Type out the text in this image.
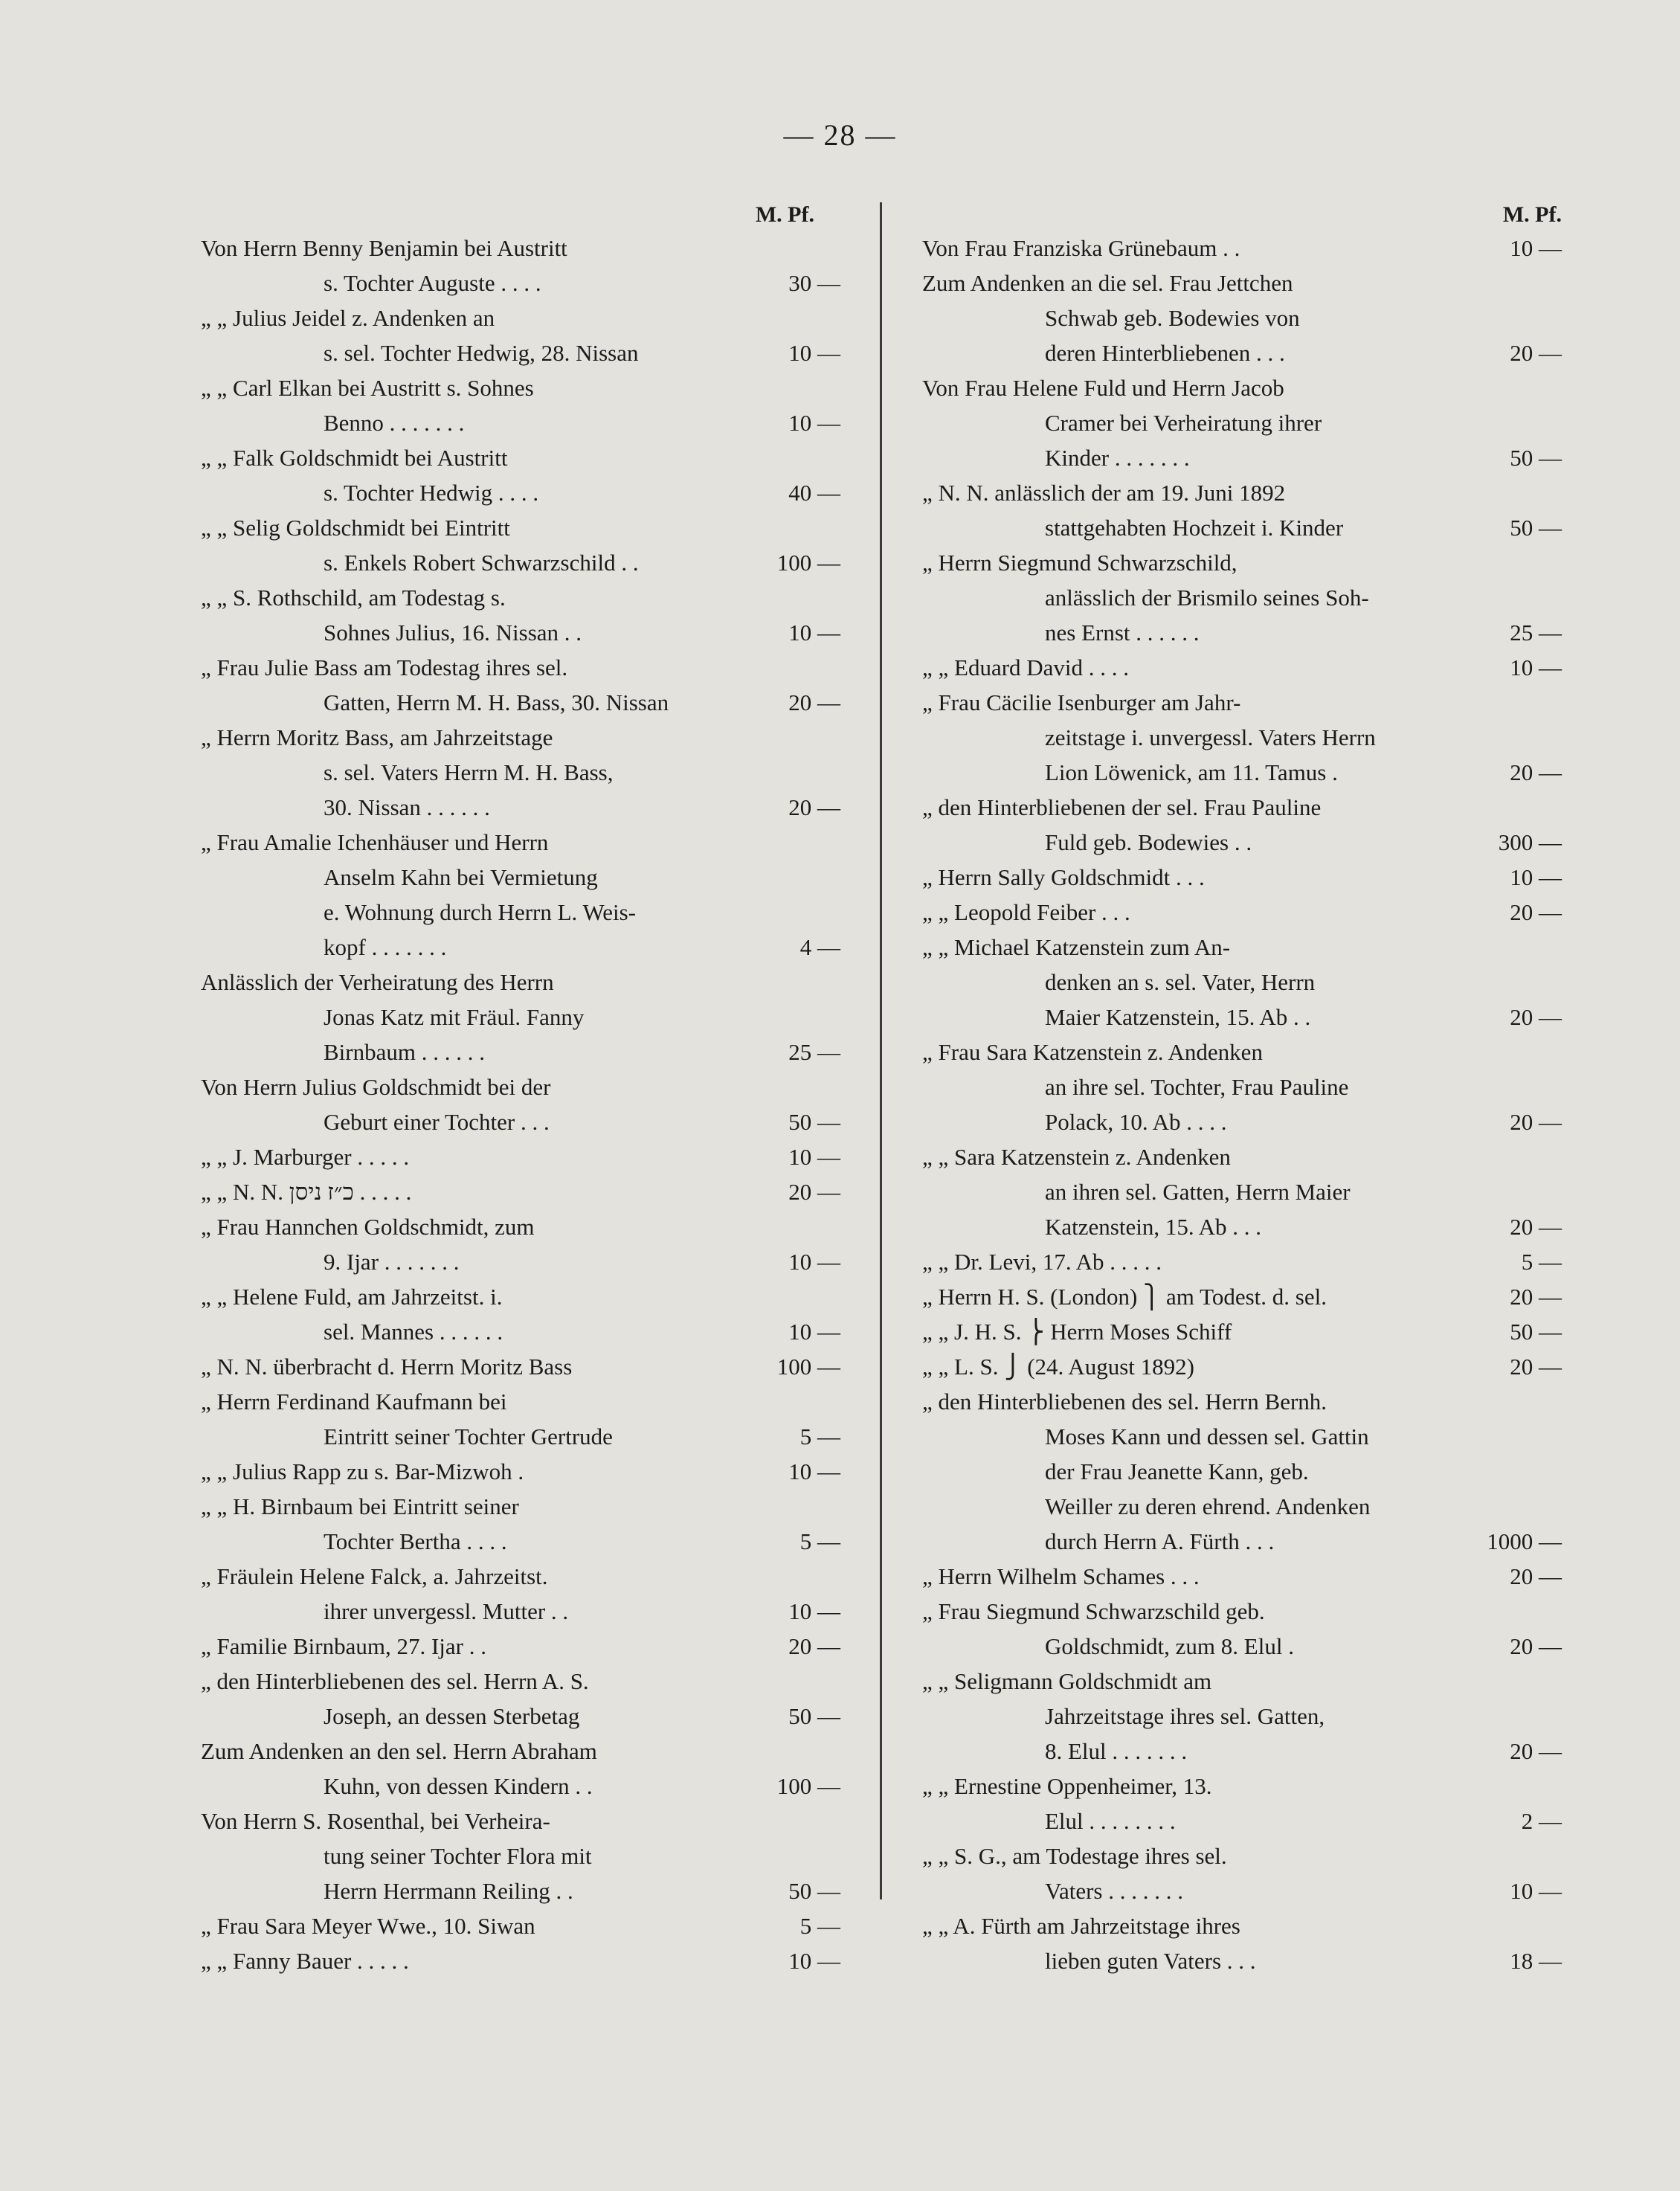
— 28 —
M. Pf.
Von Herrn Benny Benjamin bei Austritt
s. Tochter Auguste . . . .	30 —
„ „ Julius Jeidel z. Andenken an
s. sel. Tochter Hedwig, 28. Nissan	10 —
„ „ Carl Elkan bei Austritt s. Sohnes
Benno . . . . . . .	10 —
„ „ Falk Goldschmidt bei Austritt
s. Tochter Hedwig . . . .	40 —
„ „ Selig Goldschmidt bei Eintritt
s. Enkels Robert Schwarzschild . .	100 —
„ „ S. Rothschild, am Todestag s.
Sohnes Julius, 16. Nissan . .	10 —
„ Frau Julie Bass am Todestag ihres sel.
Gatten, Herrn M. H. Bass, 30. Nissan	20 —
„ Herrn Moritz Bass, am Jahrzeitstage
s. sel. Vaters Herrn M. H. Bass,
30. Nissan . . . . . .	20 —
„ Frau Amalie Ichenhäuser und Herrn
Anselm Kahn bei Vermietung
e. Wohnung durch Herrn L. Weis-
kopf . . . . . . .	4 —
Anlässlich der Verheiratung des Herrn
Jonas Katz mit Fräul. Fanny
Birnbaum . . . . . .	25 —
Von Herrn Julius Goldschmidt bei der
Geburt einer Tochter . . .	50 —
„ „ J. Marburger . . . . .	10 —
„ „ N. N. כ״ז ניסן . . . . .	20 —
„ Frau Hannchen Goldschmidt, zum
9. Ijar . . . . . . .	10 —
„ „ Helene Fuld, am Jahrzeitst. i.
sel. Mannes . . . . . .	10 —
„ N. N. überbracht d. Herrn Moritz Bass	100 —
„ Herrn Ferdinand Kaufmann bei
Eintritt seiner Tochter Gertrude	5 —
„ „ Julius Rapp zu s. Bar-Mizwoh .	10 —
„ „ H. Birnbaum bei Eintritt seiner
Tochter Bertha . . . .	5 —
„ Fräulein Helene Falck, a. Jahrzeitst.
ihrer unvergessl. Mutter . .	10 —
„ Familie Birnbaum, 27. Ijar . .	20 —
„ den Hinterbliebenen des sel. Herrn A. S.
Joseph, an dessen Sterbetag	50 —
Zum Andenken an den sel. Herrn Abraham
Kuhn, von dessen Kindern . .	100 —
Von Herrn S. Rosenthal, bei Verheira-
tung seiner Tochter Flora mit
Herrn Herrmann Reiling . .	50 —
„ Frau Sara Meyer Wwe., 10. Siwan	5 —
„ „ Fanny Bauer . . . . .	10 —
M. Pf.
Von Frau Franziska Grünebaum . .	10 —
Zum Andenken an die sel. Frau Jettchen
Schwab geb. Bodewies von
deren Hinterbliebenen . . .	20 —
Von Frau Helene Fuld und Herrn Jacob
Cramer bei Verheiratung ihrer
Kinder . . . . . . .	50 —
„ N. N. anlässlich der am 19. Juni 1892
stattgehabten Hochzeit i. Kinder	50 —
„ Herrn Siegmund Schwarzschild,
anlässlich der Brismilo seines Soh-
nes Ernst . . . . . .	25 —
„ „ Eduard David . . . .	10 —
„ Frau Cäcilie Isenburger am Jahr-
zeitstage i. unvergessl. Vaters Herrn
Lion Löwenick, am 11. Tamus .	20 —
„ den Hinterbliebenen der sel. Frau Pauline
Fuld geb. Bodewies . .	300 —
„ Herrn Sally Goldschmidt . . .	10 —
„ „ Leopold Feiber . . .	20 —
„ „ Michael Katzenstein zum An-
denken an s. sel. Vater, Herrn
Maier Katzenstein, 15. Ab . .	20 —
„ Frau Sara Katzenstein z. Andenken
an ihre sel. Tochter, Frau Pauline
Polack, 10. Ab . . . .	20 —
„ „ Sara Katzenstein z. Andenken
an ihren sel. Gatten, Herrn Maier
Katzenstein, 15. Ab . . .	20 —
„ „ Dr. Levi, 17. Ab . . . . .	5 —
„ Herrn H. S. (London) ⎫ am Todest. d. sel.	20 —
„ „ J. H. S. ⎬ Herrn Moses Schiff	50 —
„ „ L. S. ⎭ (24. August 1892)	20 —
„ den Hinterbliebenen des sel. Herrn Bernh.
Moses Kann und dessen sel. Gattin
der Frau Jeanette Kann, geb.
Weiller zu deren ehrend. Andenken
durch Herrn A. Fürth . . .	1000 —
„ Herrn Wilhelm Schames . . .	20 —
„ Frau Siegmund Schwarzschild geb.
Goldschmidt, zum 8. Elul .	20 —
„ „ Seligmann Goldschmidt am
Jahrzeitstage ihres sel. Gatten,
8. Elul . . . . . . .	20 —
„ „ Ernestine Oppenheimer, 13.
Elul . . . . . . . .	2 —
„ „ S. G., am Todestage ihres sel.
Vaters . . . . . . .	10 —
„ „ A. Fürth am Jahrzeitstage ihres
lieben guten Vaters . . .	18 —
